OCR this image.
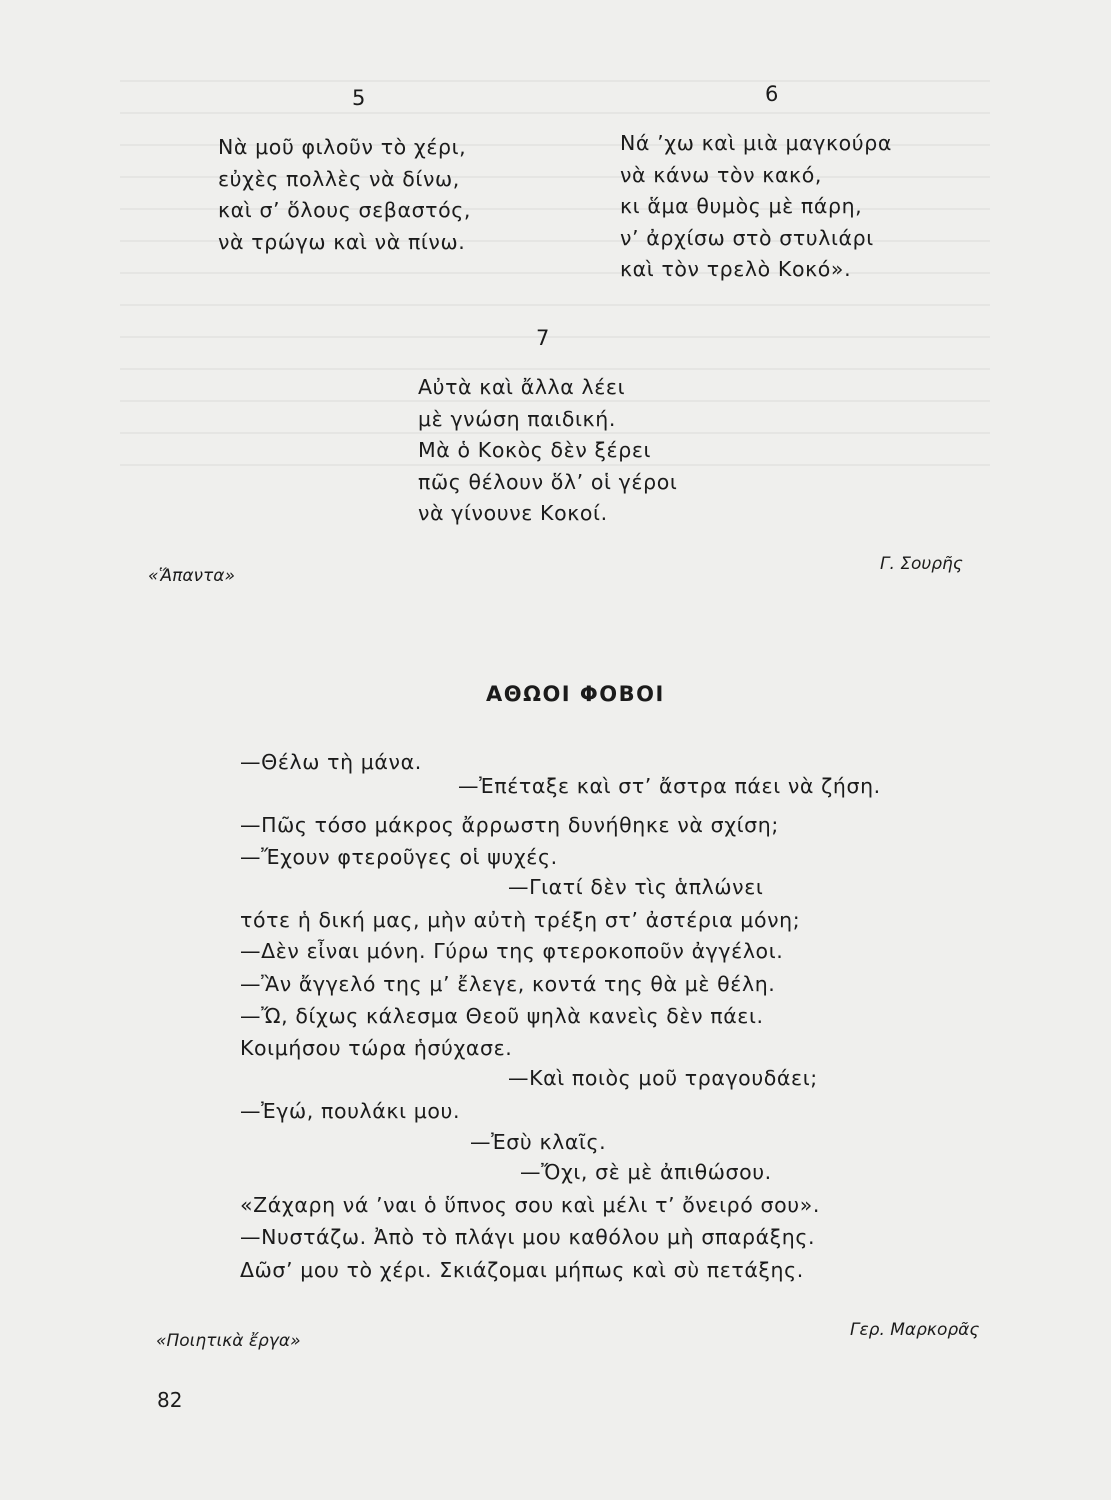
5
Νὰ μοῦ φιλοῦν τὸ χέρι,
εὐχὲς πολλὲς νὰ δίνω,
καὶ σ’ ὅλους σεβαστός,
νὰ τρώγω καὶ νὰ πίνω.
6
Νά ’χω καὶ μιὰ μαγκούρα
νὰ κάνω τὸν κακό,
κι ἅμα θυμὸς μὲ πάρη,
ν’ ἀρχίσω στὸ στυλιάρι
καὶ τὸν τρελὸ Κοκό».
7
Αὐτὰ καὶ ἄλλα λέει
μὲ γνώση παιδική.
Μὰ ὁ Κοκὸς δὲν ξέρει
πῶς θέλουν ὅλ’ οἱ γέροι
νὰ γίνουνε Κοκοί.
«Ἅπαντα»
Γ. Σουρῆς
ΑΘΩΟΙ ΦΟΒΟΙ
—Θέλω τὴ μάνα.
—Ἐπέταξε καὶ στ’ ἄστρα πάει νὰ ζήση.
—Πῶς τόσο μάκρος ἄρρωστη δυνήθηκε νὰ σχίση;
—Ἔχουν φτεροῦγες οἱ ψυχές.
—Γιατί δὲν τὶς ἁπλώνει
τότε ἡ δική μας, μὴν αὐτὴ τρέξη στ’ ἀστέρια μόνη;
—Δὲν εἶναι μόνη. Γύρω της φτεροκοποῦν ἀγγέλοι.
—Ἂν ἄγγελό της μ’ ἔλεγε, κοντά της θὰ μὲ θέλη.
—Ὤ, δίχως κάλεσμα Θεοῦ ψηλὰ κανεὶς δὲν πάει.
Κοιμήσου τώρα ἡσύχασε.
—Καὶ ποιὸς μοῦ τραγουδάει;
—Ἐγώ, πουλάκι μου.
—Ἐσὺ κλαῖς.
—Ὄχι, σὲ μὲ ἀπιθώσου.
«Ζάχαρη νά ’ναι ὁ ὕπνος σου καὶ μέλι τ’ ὄνειρό σου».
—Νυστάζω. Ἀπὸ τὸ πλάγι μου καθόλου μὴ σπαράξης.
Δῶσ’ μου τὸ χέρι. Σκιάζομαι μήπως καὶ σὺ πετάξης.
«Ποιητικὰ ἔργα»
Γερ. Μαρκορᾶς
82
